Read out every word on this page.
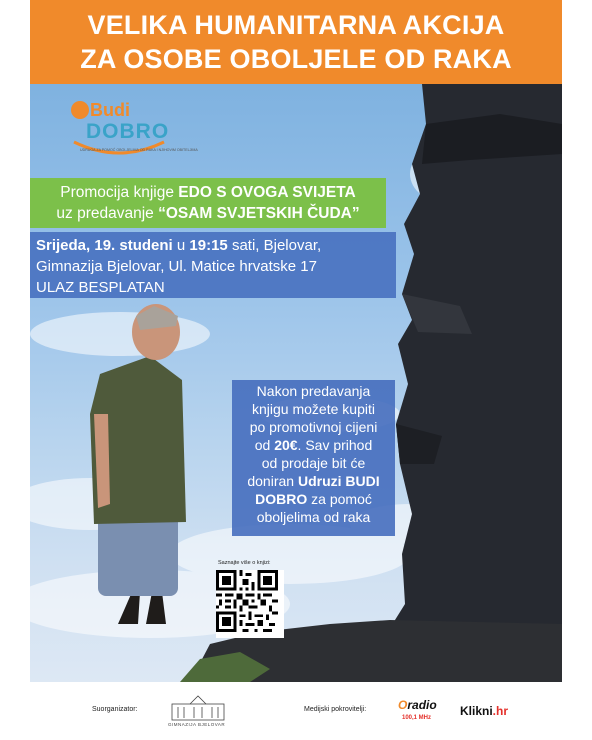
VELIKA HUMANITARNA AKCIJA
ZA OSOBE OBOLJELE OD RAKA
Budi
DOBRO
UDRUGA ZA POMOĆ OBOLJELIMA OD RAKA I NJIHOVIM OBITELJIMA
Promocija knjige EDO S OVOGA SVIJETA
uz predavanje “OSAM SVJETSKIH ČUDA”
Srijeda, 19. studeni u 19:15 sati, Bjelovar,
Gimnazija Bjelovar, Ul. Matice hrvatske 17
ULAZ BESPLATAN
Nakon predavanja
knjigu možete kupiti
po promotivnoj cijeni
od 20€. Sav prihod
od prodaje bit će
doniran Udruzi BUDI
DOBRO za pomoć
oboljelima od raka
Saznajte više o knjizi:
Suorganizator:
GIMNAZIJA BJELOVAR
Medijski pokrovitelji:	Oradio
100,1 MHz Klikni.hr
